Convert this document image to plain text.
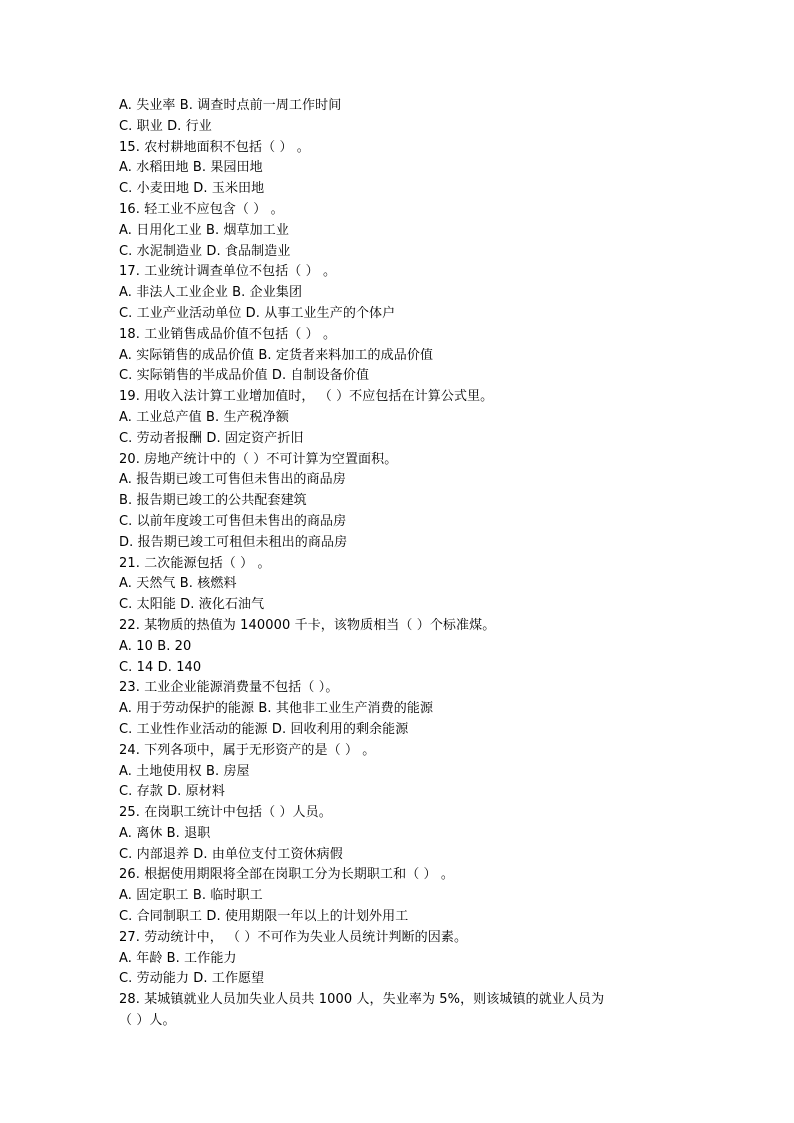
A. 失业率 B. 调查时点前一周工作时间
C. 职业 D. 行业
15. 农村耕地面积不包括（ ） 。
A. 水稻田地 B. 果园田地
C. 小麦田地 D. 玉米田地
16. 轻工业不应包含（ ） 。
A. 日用化工业 B. 烟草加工业
C. 水泥制造业 D. 食品制造业
17. 工业统计调查单位不包括（ ） 。
A. 非法人工业企业 B. 企业集团
C. 工业产业活动单位 D. 从事工业生产的个体户
18. 工业销售成品价值不包括（ ） 。
A. 实际销售的成品价值 B. 定货者来料加工的成品价值
C. 实际销售的半成品价值 D. 自制设备价值
19. 用收入法计算工业增加值时， （ ）不应包括在计算公式里。
A. 工业总产值 B. 生产税净额
C. 劳动者报酬 D. 固定资产折旧
20. 房地产统计中的（ ）不可计算为空置面积。
A. 报告期已竣工可售但未售出的商品房
B. 报告期已竣工的公共配套建筑
C. 以前年度竣工可售但未售出的商品房
D. 报告期已竣工可租但未租出的商品房
21. 二次能源包括（ ） 。
A. 天然气 B. 核燃料
C. 太阳能 D. 液化石油气
22. 某物质的热值为 140000 千卡，该物质相当（ ）个标准煤。
A. 10 B. 20
C. 14 D. 140
23. 工业企业能源消费量不包括（ ）。
A. 用于劳动保护的能源 B. 其他非工业生产消费的能源
C. 工业性作业活动的能源 D. 回收利用的剩余能源
24. 下列各项中，属于无形资产的是（ ） 。
A. 土地使用权 B. 房屋
C. 存款 D. 原材料
25. 在岗职工统计中包括（ ）人员。
A. 离休 B. 退职
C. 内部退养 D. 由单位支付工资休病假
26. 根据使用期限将全部在岗职工分为长期职工和（ ） 。
A. 固定职工 B. 临时职工
C. 合同制职工 D. 使用期限一年以上的计划外用工
27. 劳动统计中， （ ）不可作为失业人员统计判断的因素。
A. 年龄 B. 工作能力
C. 劳动能力 D. 工作愿望
28. 某城镇就业人员加失业人员共 1000 人，失业率为 5%，则该城镇的就业人员为
（ ）人。
